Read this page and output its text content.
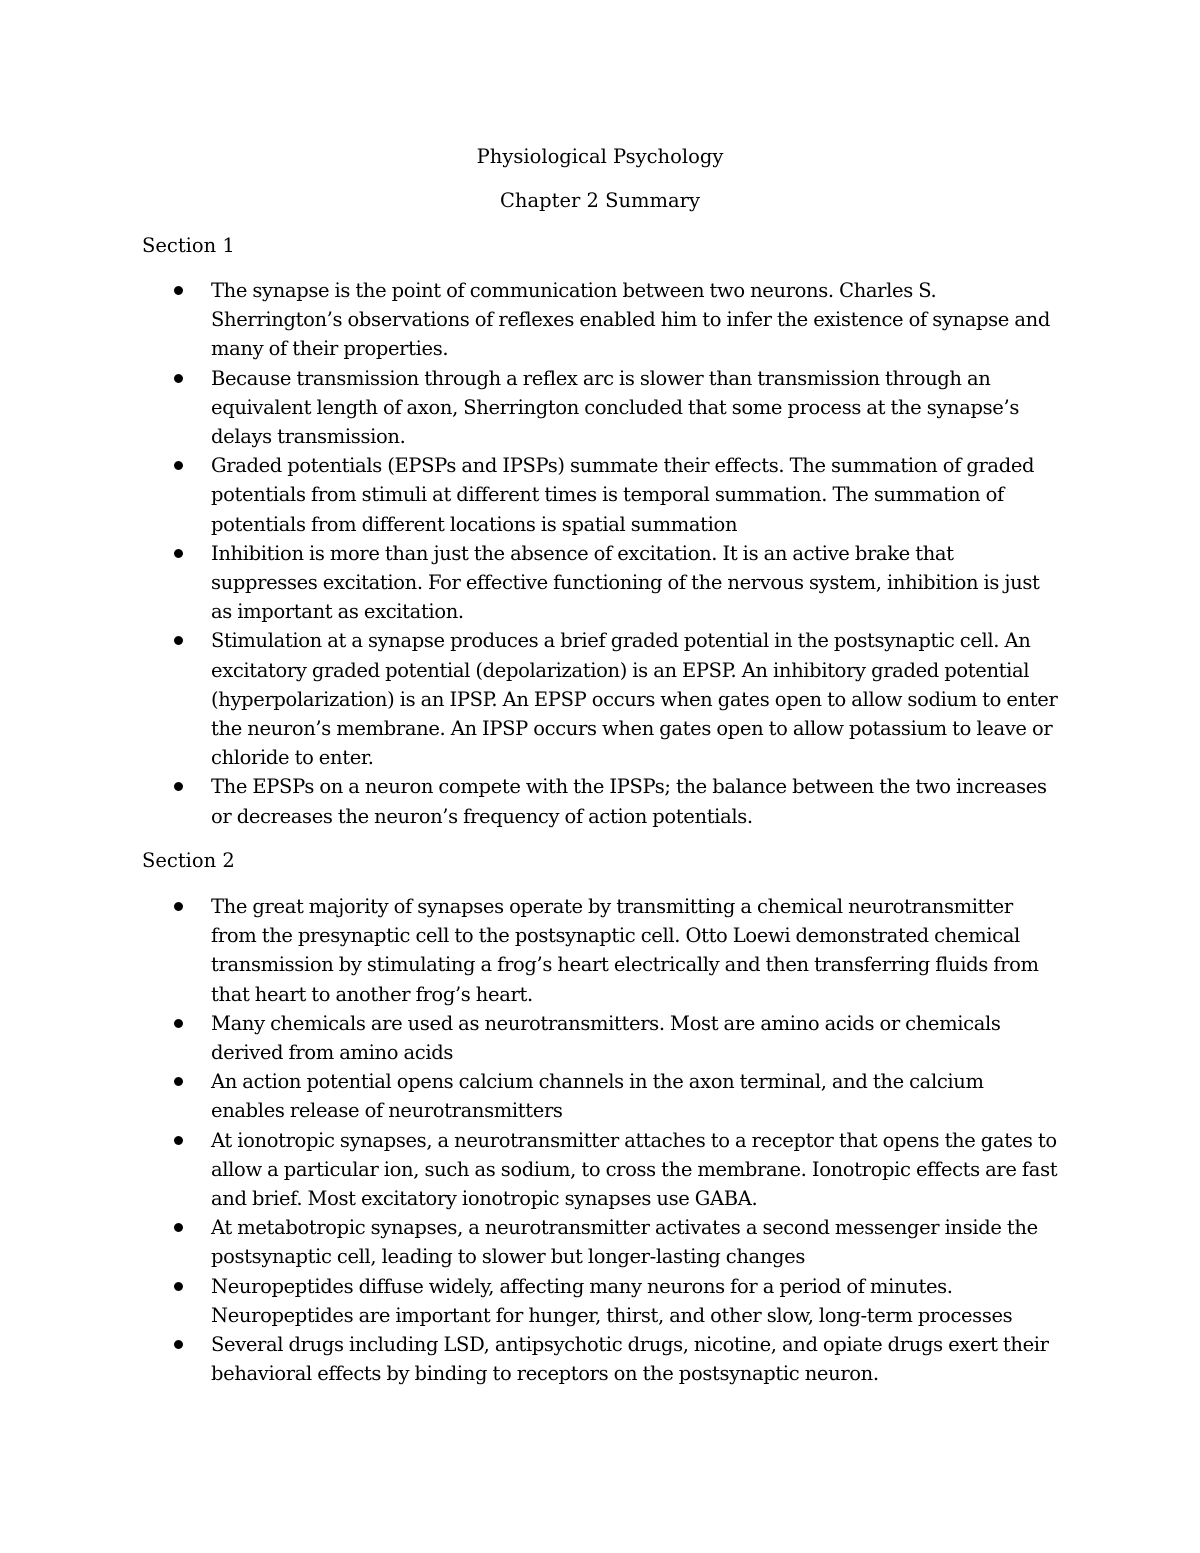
Physiological Psychology
Chapter 2 Summary
Section 1
The synapse is the point of communication between two neurons. Charles S. Sherrington’s observations of reflexes enabled him to infer the existence of synapse and many of their properties.
Because transmission through a reflex arc is slower than transmission through an equivalent length of axon, Sherrington concluded that some process at the synapse’s delays transmission.
Graded potentials (EPSPs and IPSPs) summate their effects. The summation of graded potentials from stimuli at different times is temporal summation. The summation of potentials from different locations is spatial summation
Inhibition is more than just the absence of excitation. It is an active brake that suppresses excitation. For effective functioning of the nervous system, inhibition is just as important as excitation.
Stimulation at a synapse produces a brief graded potential in the postsynaptic cell. An excitatory graded potential (depolarization) is an EPSP. An inhibitory graded potential (hyperpolarization) is an IPSP. An EPSP occurs when gates open to allow sodium to enter the neuron’s membrane. An IPSP occurs when gates open to allow potassium to leave or chloride to enter.
The EPSPs on a neuron compete with the IPSPs; the balance between the two increases or decreases the neuron’s frequency of action potentials.
Section 2
The great majority of synapses operate by transmitting a chemical neurotransmitter from the presynaptic cell to the postsynaptic cell. Otto Loewi demonstrated chemical transmission by stimulating a frog’s heart electrically and then transferring fluids from that heart to another frog’s heart.
Many chemicals are used as neurotransmitters. Most are amino acids or chemicals derived from amino acids
An action potential opens calcium channels in the axon terminal, and the calcium enables release of neurotransmitters
At ionotropic synapses, a neurotransmitter attaches to a receptor that opens the gates to allow a particular ion, such as sodium, to cross the membrane. Ionotropic effects are fast and brief. Most excitatory ionotropic synapses use GABA.
At metabotropic synapses, a neurotransmitter activates a second messenger inside the postsynaptic cell, leading to slower but longer-lasting changes
Neuropeptides diffuse widely, affecting many neurons for a period of minutes. Neuropeptides are important for hunger, thirst, and other slow, long-term processes
Several drugs including LSD, antipsychotic drugs, nicotine, and opiate drugs exert their behavioral effects by binding to receptors on the postsynaptic neuron.
